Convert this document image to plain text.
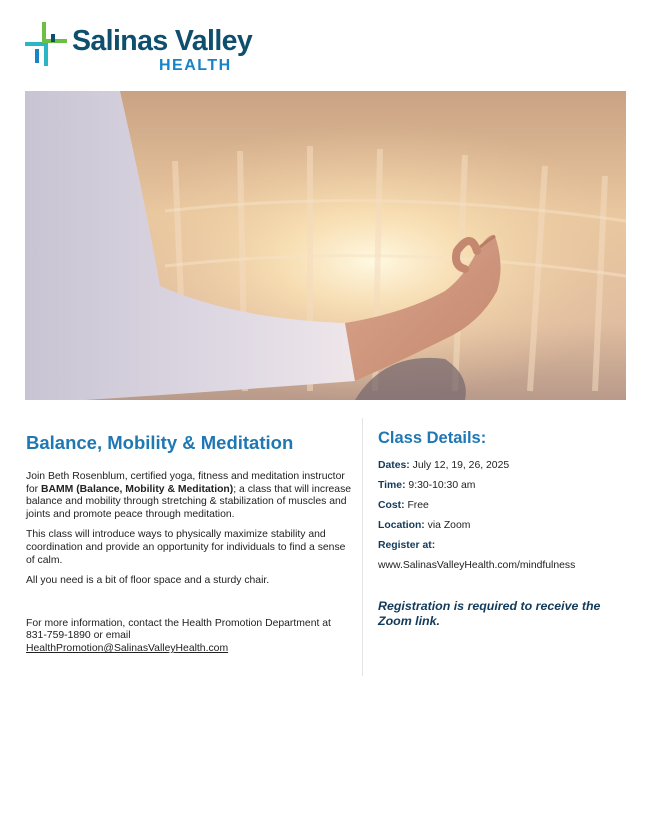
Salinas Valley
HEALTH
Balance, Mobility & Meditation

Join Beth Rosenblum, certified yoga, fitness and meditation instructor for BAMM (Balance, Mobility & Meditation); a class that will increase balance and mobility through stretching & stabilization of muscles and joints and promote peace through meditation.

This class will introduce ways to physically maximize stability and coordination and provide an opportunity for individuals to find a sense of calm.

All you need is a bit of floor space and a sturdy chair.

For more information, contact the Health Promotion Department at 831-759-1890 or email
HealthPromotion@SalinasValleyHealth.com

Class Details:
Dates: July 12, 19, 26, 2025
Time: 9:30-10:30 am
Cost: Free
Location: via Zoom
Register at:
www.SalinasValleyHealth.com/mindfulness
Registration is required to receive the Zoom link.
